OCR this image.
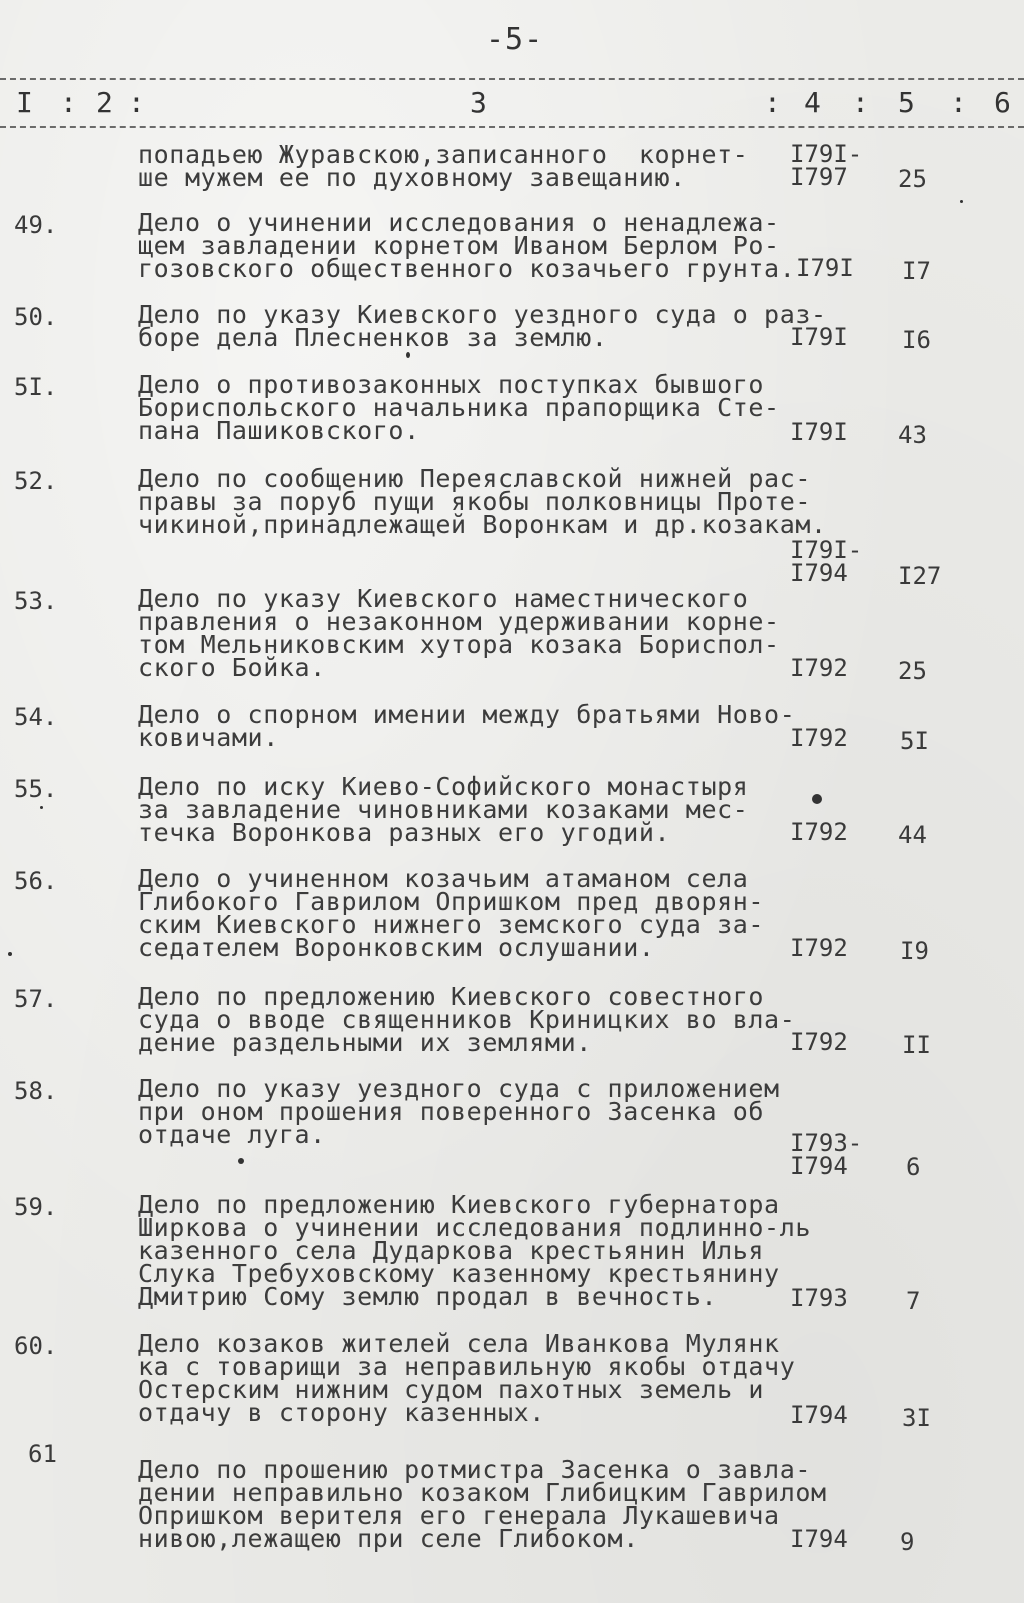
-5-
I : 2 :	3	: 4 : 5 : 6
попадьею Журавскою,записанного  корнет-
ше мужем ее по духовному завещанию.
I79I-
I797	25
49.	Дело о учинении исследования о ненадлежа-
щем завладении корнетом Иваном Берлом Ро-
гозовского общественного козачьего грунта. I79I I7
50.	Дело по указу Киевского уездного суда о раз-
боре дела Плесненков за землю.	I79I I6
5I.	Дело о противозаконных поступках бывшого
Бориспольского начальника прапорщика Сте-
пана Пашиковского.	I79I 43
52.	Дело по сообщению Переяславской нижней рас-
правы за поруб пущи якобы полковницы Проте-
чикиной,принадлежащей Воронкам и др.козакам.
I79I-
I794	I27
53.	Дело по указу Киевского наместнического
правления о незаконном удерживании корне-
том Мельниковским хутора козака Бориспол-
ского Бойка.	I792 25
54.	Дело о спорном имении между братьями Ново-
ковичами.	I792 5I
55.	Дело по иску Киево-Софийского монастыря
за завладение чиновниками козаками мес-
течка Воронкова разных его угодий.	I792 44
56.	Дело о учиненном козачьим атаманом села
Глибокого Гаврилом Опришком пред дворян-
ским Киевского нижнего земского суда за-
седателем Воронковским ослушании.	I792 I9
57.	Дело по предложению Киевского совестного
суда о вводе священников Криницких во вла-
дение раздельными их землями.	I792 II
58.	Дело по указу уездного суда с приложением
при оном прошения поверенного Засенка об
отдаче луга.	I793-
I794	6
59.	Дело по предложению Киевского губернатора
Ширкова о учинении исследования подлинно-ль
казенного села Дударкова крестьянин Илья
Слука Требуховскому казенному крестьянину
Дмитрию Сому землю продал в вечность.	I793 7
60.	Дело козаков жителей села Иванкова Мулянк
ка с товарищи за неправильную якобы отдачу
Остерским нижним судом пахотных земель и
отдачу в сторону казенных.	I794 3I
61
Дело по прошению ротмистра Засенка о завла-
дении неправильно козаком Глибицким Гаврилом
Опришком верителя его генерала Лукашевича
нивою,лежащею при селе Глибоком.	I794 9
